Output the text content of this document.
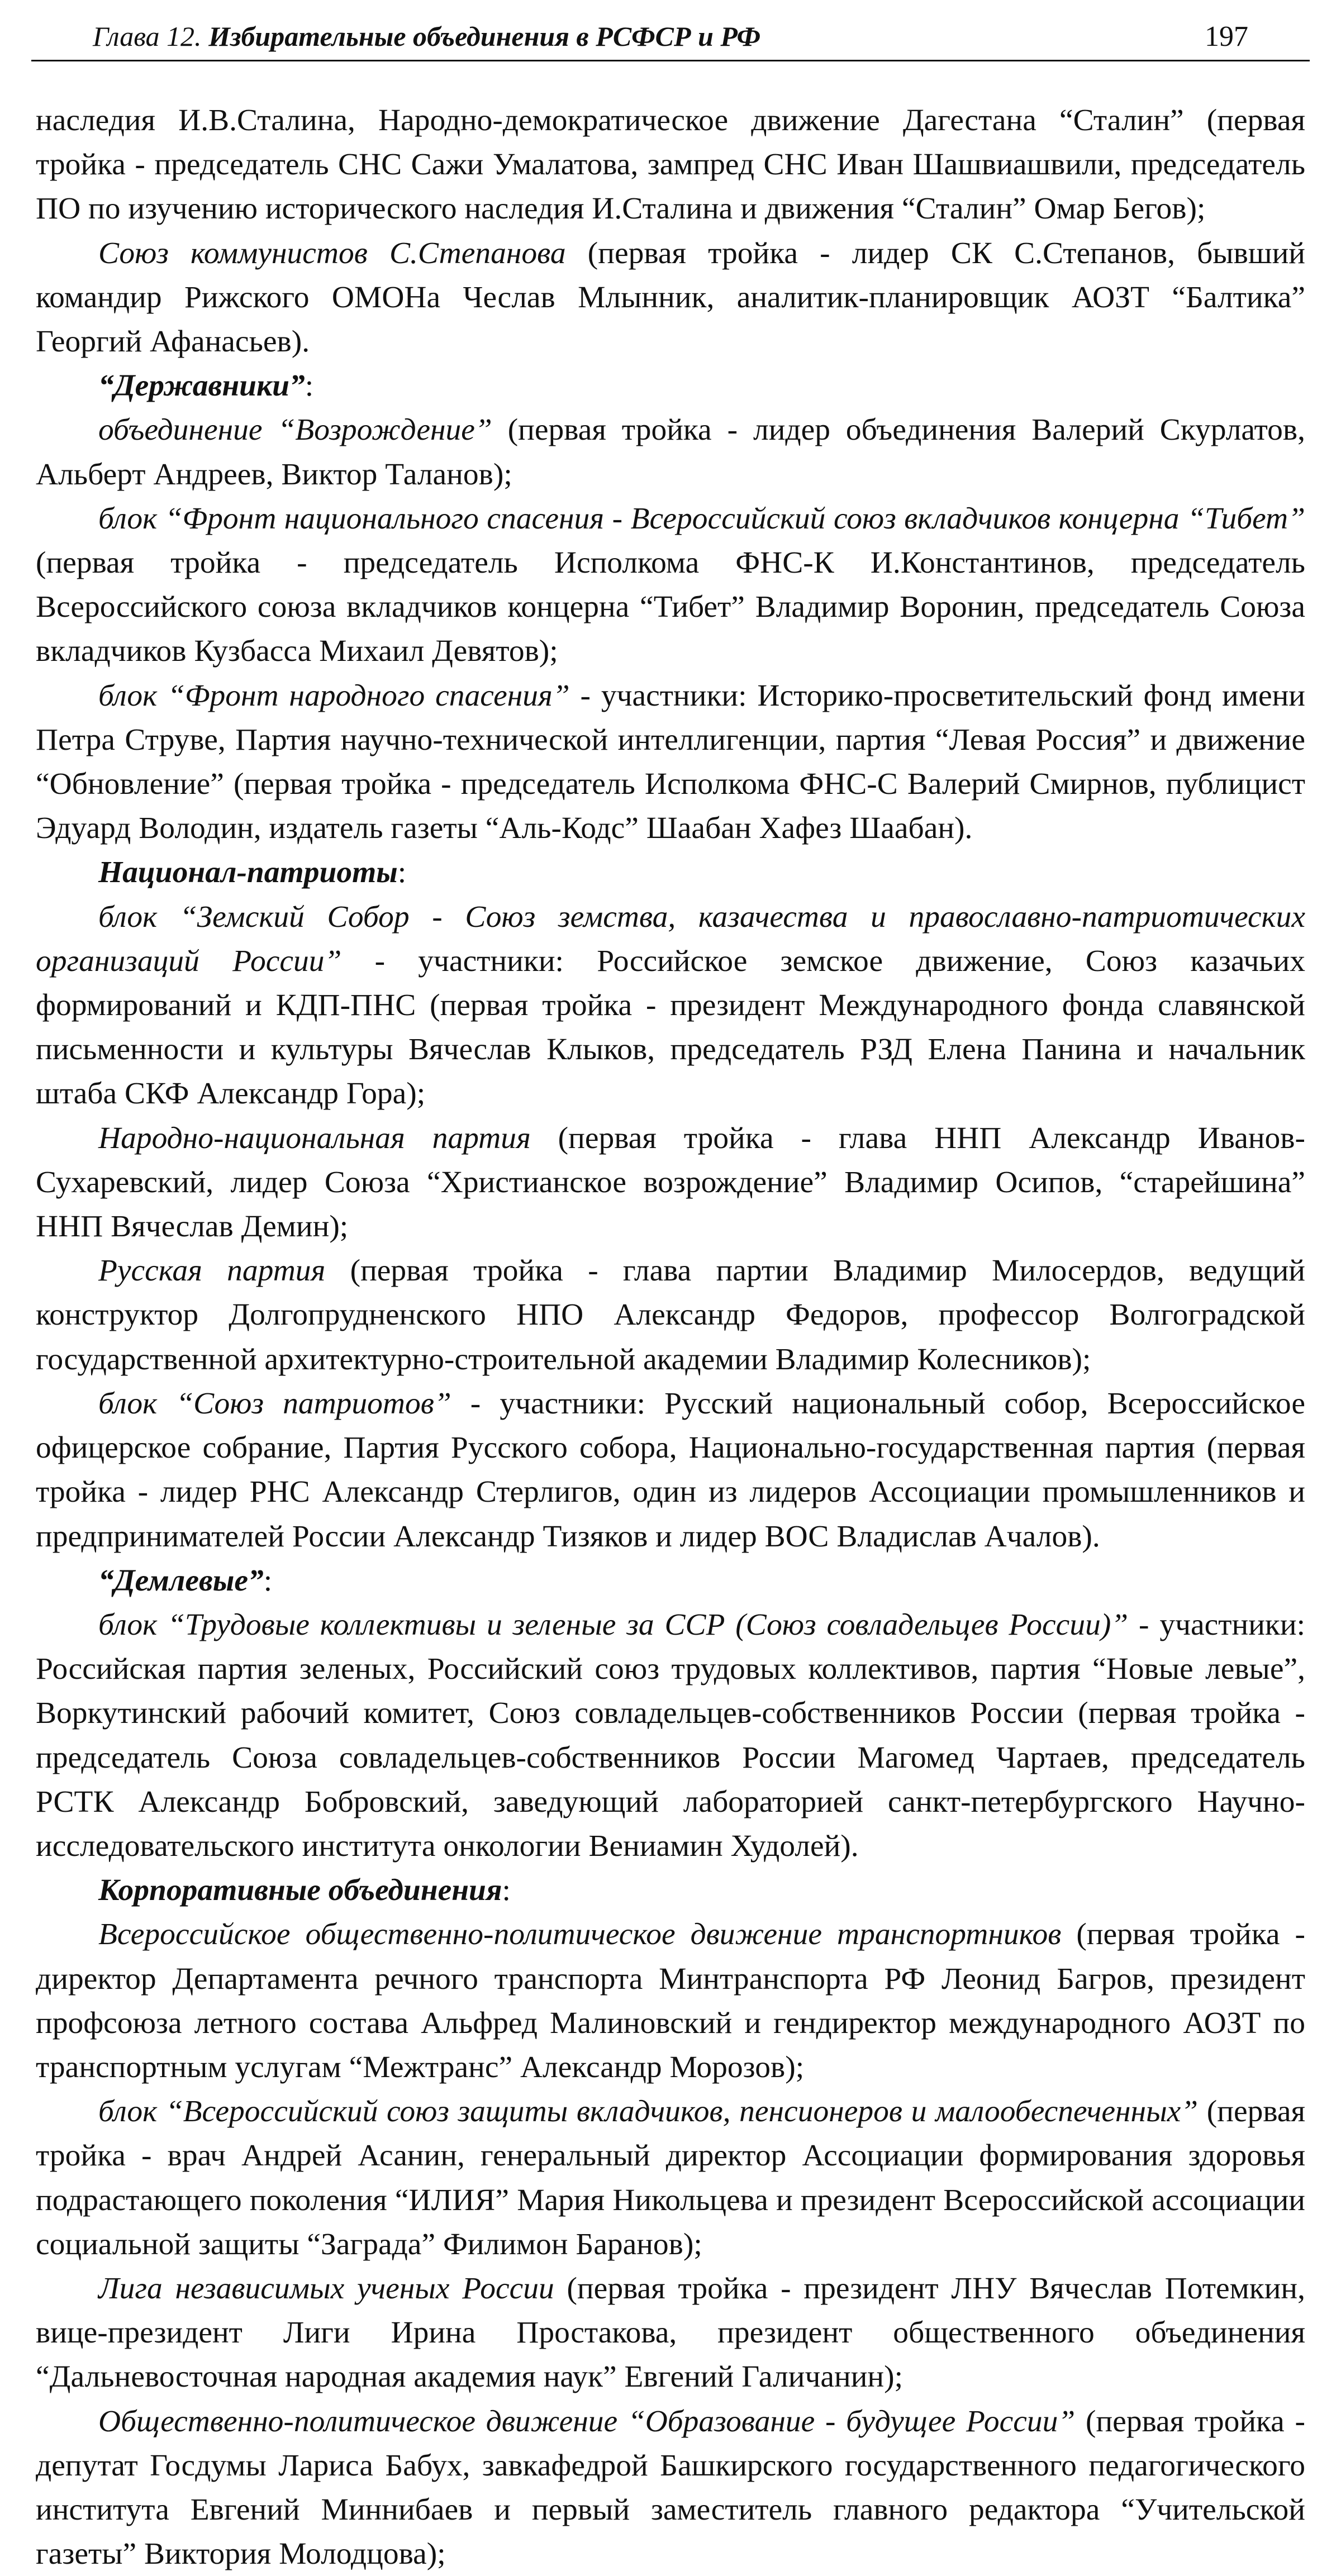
Глава 12. Избирательные объединения в РСФСР и РФ	197

наследия И.В.Сталина, Народно-демократическое движение Дагестана “Сталин” (первая тройка - председатель СНС Сажи Умалатова, зампред СНС Иван Шашвиашвили, председатель ПО по изучению исторического наследия И.Сталина и движения “Сталин” Омар Бегов);

Союз коммунистов С.Степанова (первая тройка - лидер СК С.Степанов, бывший командир Рижского ОМОНа Чеслав Млынник, аналитик-планировщик АОЗТ “Балтика” Георгий Афанасьев).

“Державники”:

объединение “Возрождение” (первая тройка - лидер объединения Валерий Скурлатов, Альберт Андреев, Виктор Таланов);

блок “Фронт национального спасения - Всероссийский союз вкладчиков концерна “Тибет” (первая тройка - председатель Исполкома ФНС-К И.Константинов, председатель Всероссийского союза вкладчиков концерна “Тибет” Владимир Воронин, председатель Союза вкладчиков Кузбасса Михаил Девятов);

блок “Фронт народного спасения” - участники: Историко-просветительский фонд имени Петра Струве, Партия научно-технической интеллигенции, партия “Левая Россия” и движение “Обновление” (первая тройка - председатель Исполкома ФНС-С Валерий Смирнов, публицист Эдуард Володин, издатель газеты “Аль-Кодс” Шаабан Хафез Шаабан).

Национал-патриоты:

блок “Земский Собор - Союз земства, казачества и православно-патриотических организаций России” - участники: Российское земское движение, Союз казачьих формирований и КДП-ПНС (первая тройка - президент Международного фонда славянской письменности и культуры Вячеслав Клыков, председатель РЗД Елена Панина и начальник штаба СКФ Александр Гора);

Народно-национальная партия (первая тройка - глава ННП Александр Иванов-Сухаревский, лидер Союза “Христианское возрождение” Владимир Осипов, “старейшина” ННП Вячеслав Демин);

Русская партия (первая тройка - глава партии Владимир Милосердов, ведущий конструктор Долгопрудненского НПО Александр Федоров, профессор Волгоградской государственной архитектурно-строительной академии Владимир Колесников);

блок “Союз патриотов” - участники: Русский национальный собор, Всероссийское офицерское собрание, Партия Русского собора, Национально-государственная партия (первая тройка - лидер РНС Александр Стерлигов, один из лидеров Ассоциации промышленников и предпринимателей России Александр Тизяков и лидер ВОС Владислав Ачалов).

“Демлевые”:

блок “Трудовые коллективы и зеленые за ССР (Союз совладельцев России)” - участники: Российская партия зеленых, Российский союз трудовых коллективов, партия “Новые левые”, Воркутинский рабочий комитет, Союз совладельцев-собственников России (первая тройка - председатель Союза совладельцев-собственников России Магомед Чартаев, председатель РСТК Александр Бобровский, заведующий лабораторией санкт-петербургского Научно-исследовательского института онкологии Вениамин Худолей).

Корпоративные объединения:

Всероссийское общественно-политическое движение транспортников (первая тройка - директор Департамента речного транспорта Минтранспорта РФ Леонид Багров, президент профсоюза летного состава Альфред Малиновский и гендиректор международного АОЗТ по транспортным услугам “Межтранс” Александр Морозов);

блок “Всероссийский союз защиты вкладчиков, пенсионеров и малообеспеченных” (первая тройка - врач Андрей Асанин, генеральный директор Ассоциации формирования здоровья подрастающего поколения “ИЛИЯ” Мария Никольцева и президент Всероссийской ассоциации социальной защиты “Заграда” Филимон Баранов);

Лига независимых ученых России (первая тройка - президент ЛНУ Вячеслав Потемкин, вице-президент Лиги Ирина Простакова, президент общественного объединения “Дальневосточная народная академия наук” Евгений Галичанин);

Общественно-политическое движение “Образование - будущее России” (первая тройка - депутат Госдумы Лариса Бабух, завкафедрой Башкирского государственного педагогического института Евгений Миннибаев и первый заместитель главного редактора “Учительской газеты” Виктория Молодцова);
